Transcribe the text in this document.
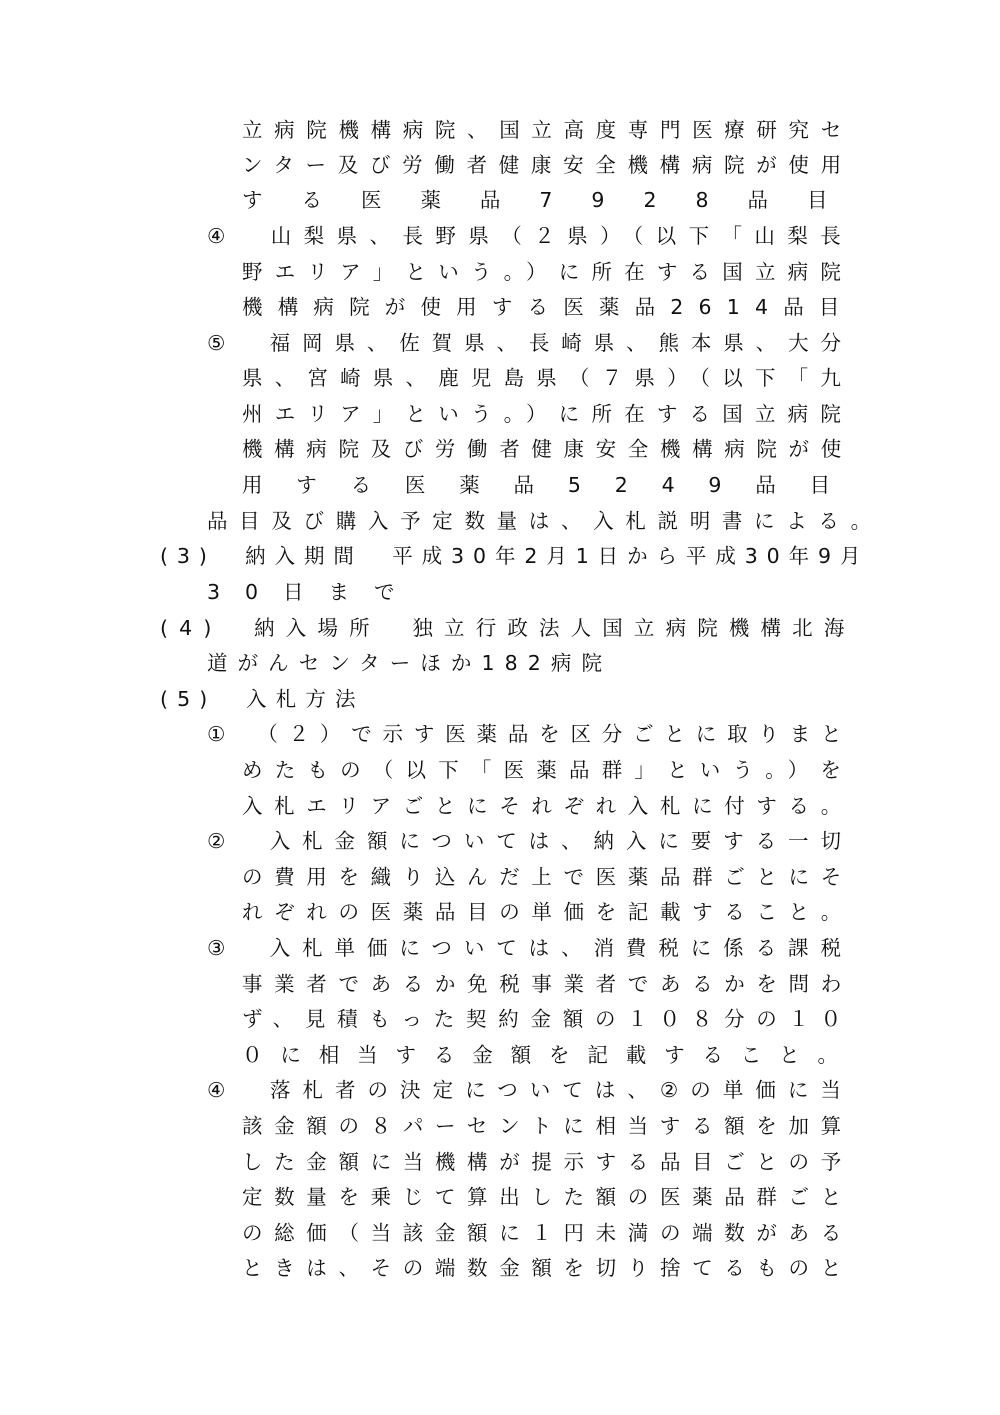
立病院機構病院、国立高度専門医療研究セ
ンター及び労働者健康安全機構病院が使用
する医薬品7928品目
④　山梨県、長野県（２県）（以下「山梨長
野エリア」という。）に所在する国立病院
機構病院が使用する医薬品2614品目
⑤　福岡県、佐賀県、長崎県、熊本県、大分
県、宮崎県、鹿児島県（７県）（以下「九
州エリア」という。）に所在する国立病院
機構病院及び労働者健康安全機構病院が使
用する医薬品5249品目
品目及び購入予定数量は、入札説明書による。
(3)　納入期間　平成30年2月1日から平成30年9月
30日まで
(4)　納入場所　独立行政法人国立病院機構北海
道がんセンターほか182病院
(5)　入札方法
①　（２）で示す医薬品を区分ごとに取りまと
めたもの（以下「医薬品群」という。）を
入札エリアごとにそれぞれ入札に付する。
②　入札金額については、納入に要する一切
の費用を織り込んだ上で医薬品群ごとにそ
れぞれの医薬品目の単価を記載すること。
③　入札単価については、消費税に係る課税
事業者であるか免税事業者であるかを問わ
ず、見積もった契約金額の１０８分の１０
０に相当する金額を記載すること。
④　落札者の決定については、②の単価に当
該金額の８パーセントに相当する額を加算
した金額に当機構が提示する品目ごとの予
定数量を乗じて算出した額の医薬品群ごと
の総価（当該金額に１円未満の端数がある
ときは、その端数金額を切り捨てるものと
